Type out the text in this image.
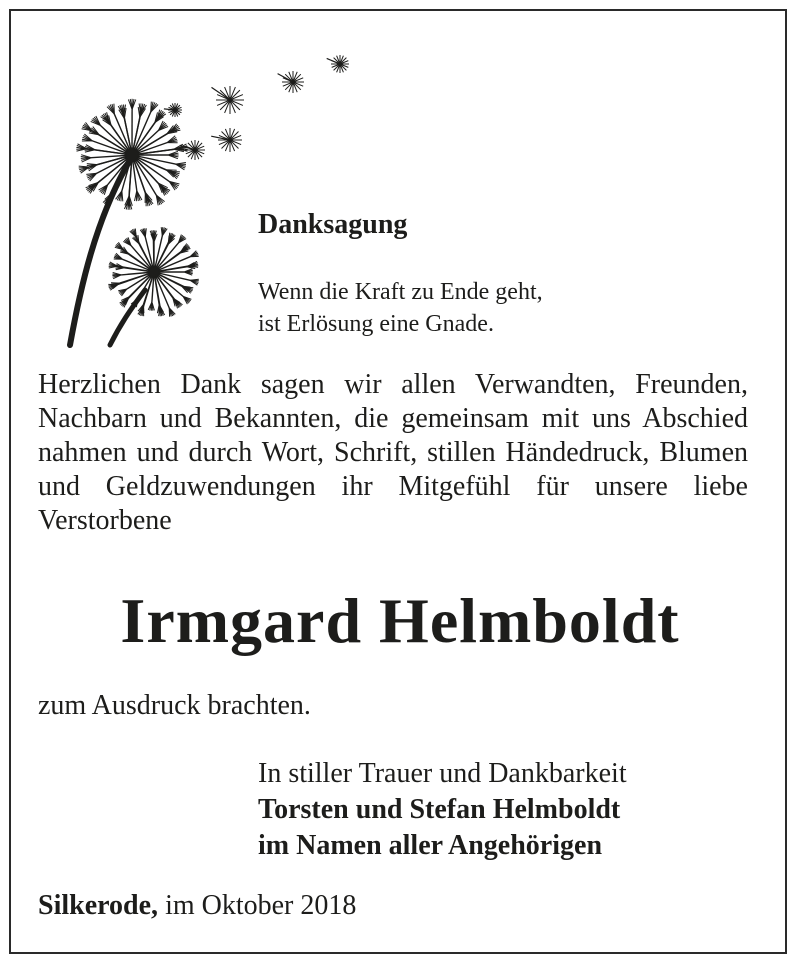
Danksagung
Wenn die Kraft zu Ende geht,
ist Erlösung eine Gnade.
Herzlichen Dank sagen wir allen Verwandten, Freunden, Nachbarn und Bekannten, die gemeinsam mit uns Abschied nahmen und durch Wort, Schrift, stillen Händedruck, Blumen und Geldzuwendungen ihr Mitgefühl für unsere liebe Verstorbene
Irmgard Helmboldt
zum Ausdruck brachten.
In stiller Trauer und Dankbarkeit
Torsten und Stefan Helmboldt
im Namen aller Angehörigen
Silkerode, im Oktober 2018
